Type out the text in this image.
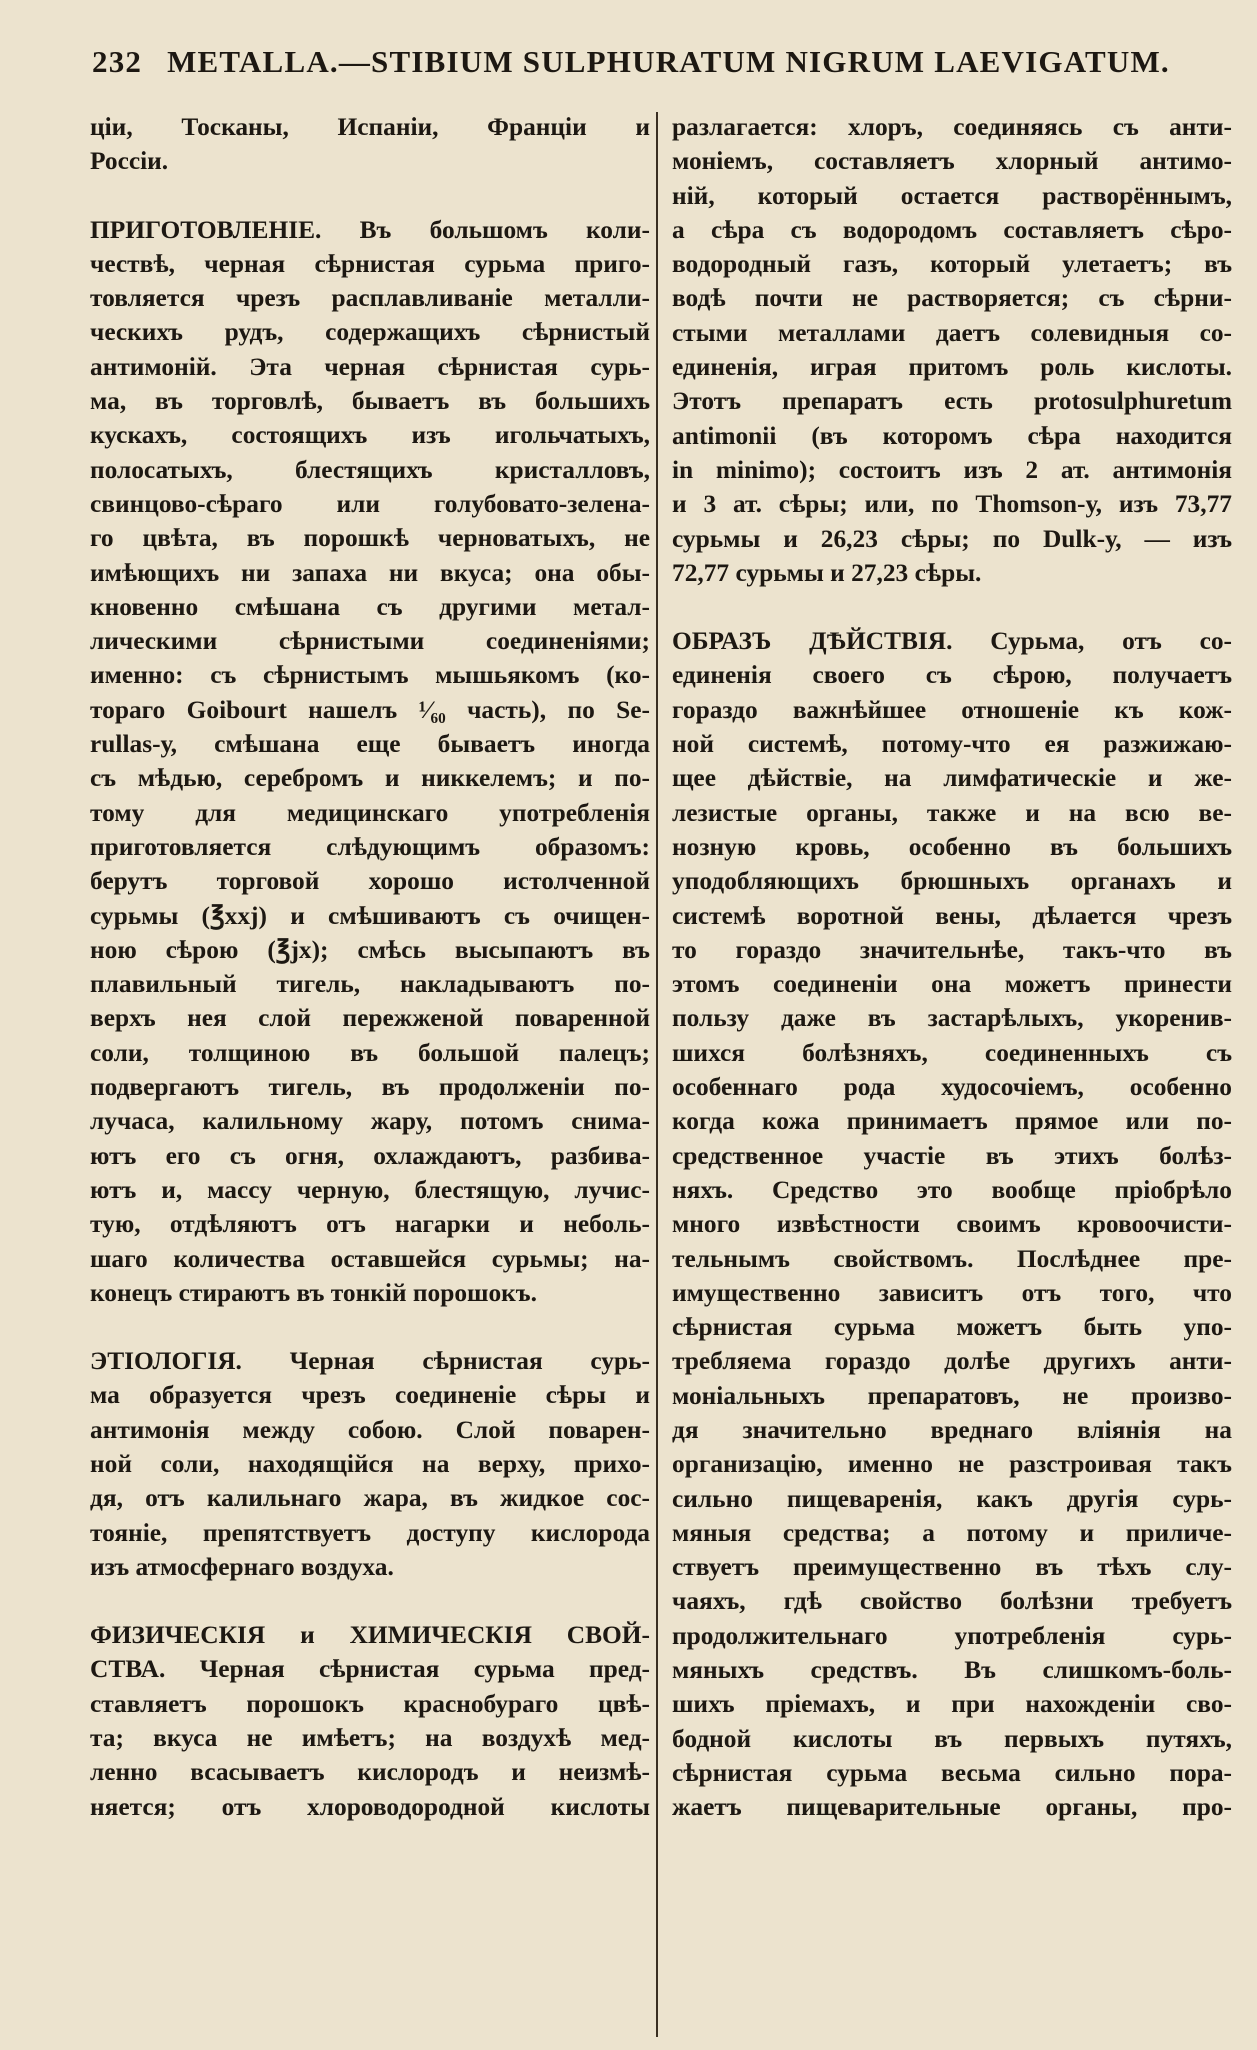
232 METALLA.—STIBIUM SULPHURATUM NIGRUM LAEVIGATUM.
ціи, Тосканы, Испаніи, Франціи и
Россіи.
ПРИГОТОВЛЕНІЕ. Въ большомъ коли-
чествѣ, черная сѣрнистая сурьма приго-
товляется чрезъ расплавливаніе металли-
ческихъ рудъ, содержащихъ сѣрнистый
антимоній. Эта черная сѣрнистая сурь-
ма, въ торговлѣ, бываетъ въ большихъ
кускахъ, состоящихъ изъ игольчатыхъ,
полосатыхъ, блестящихъ кристалловъ,
свинцово-сѣраго или голубовато-зелена-
го цвѣта, въ порошкѣ черноватыхъ, не
имѣющихъ ни запаха ни вкуса; она обы-
кновенно смѣшана съ другими метал-
лическими сѣрнистыми соединеніями;
именно: съ сѣрнистымъ мышьякомъ (ко-
тораго Goibourt нашелъ ¹⁄₆₀ часть), по Se-
rullas-у, смѣшана еще бываетъ иногда
съ мѣдью, серебромъ и никкелемъ; и по-
тому для медицинскаго употребленія
приготовляется слѣдующимъ образомъ:
берутъ торговой хорошо истолченной
сурьмы (℥xxj) и смѣшиваютъ съ очищен-
ною сѣрою (℥jx); смѣсь высыпаютъ въ
плавильный тигель, накладываютъ по-
верхъ нея слой пережженой поваренной
соли, толщиною въ большой палецъ;
подвергаютъ тигель, въ продолженіи по-
лучаса, калильному жару, потомъ снима-
ютъ его съ огня, охлаждаютъ, разбива-
ютъ и, массу черную, блестящую, лучис-
тую, отдѣляютъ отъ нагарки и неболь-
шаго количества оставшейся сурьмы; на-
конецъ стираютъ въ тонкій порошокъ.
ЭТІОЛОГІЯ. Черная сѣрнистая сурь-
ма образуется чрезъ соединеніе сѣры и
антимонія между собою. Слой поварен-
ной соли, находящійся на верху, прихо-
дя, отъ калильнаго жара, въ жидкое сос-
тояніе, препятствуетъ доступу кислорода
изъ атмосфернаго воздуха.
ФИЗИЧЕСКІЯ и ХИМИЧЕСКІЯ СВОЙ-
СТВА. Черная сѣрнистая сурьма пред-
ставляетъ порошокъ краснобураго цвѣ-
та; вкуса не имѣетъ; на воздухѣ мед-
ленно всасываетъ кислородъ и неизмѣ-
няется; отъ хлороводородной кислоты
разлагается: хлоръ, соединяясь съ анти-
моніемъ, составляетъ хлорный антимо-
ній, который остается растворённымъ,
а сѣра съ водородомъ составляетъ сѣро-
водородный газъ, который улетаетъ; въ
водѣ почти не растворяется; съ сѣрни-
стыми металлами даетъ солевидныя со-
единенія, играя притомъ роль кислоты.
Этотъ препаратъ есть protosulphuretum
antimonii (въ которомъ сѣра находится
in minimo); состоитъ изъ 2 ат. антимонія
и 3 ат. сѣры; или, по Thomson-у, изъ 73,77
сурьмы и 26,23 сѣры; по Dulk-у, — изъ
72,77 сурьмы и 27,23 сѣры.
ОБРАЗЪ ДѢЙСТВІЯ. Сурьма, отъ со-
единенія своего съ сѣрою, получаетъ
гораздо важнѣйшее отношеніе къ кож-
ной системѣ, потому-что ея разжижаю-
щее дѣйствіе, на лимфатическіе и же-
лезистые органы, также и на всю ве-
нозную кровь, особенно въ большихъ
уподобляющихъ брюшныхъ органахъ и
системѣ воротной вены, дѣлается чрезъ
то гораздо значительнѣе, такъ-что въ
этомъ соединеніи она можетъ принести
пользу даже въ застарѣлыхъ, укоренив-
шихся болѣзняхъ, соединенныхъ съ
особеннаго рода худосочіемъ, особенно
когда кожа принимаетъ прямое или по-
средственное участіе въ этихъ болѣз-
няхъ. Средство это вообще пріобрѣло
много извѣстности своимъ кровоочисти-
тельнымъ свойствомъ. Послѣднее пре-
имущественно зависитъ отъ того, что
сѣрнистая сурьма можетъ быть упо-
требляема гораздо долѣе другихъ анти-
моніальныхъ препаратовъ, не произво-
дя значительно вреднаго вліянія на
организацію, именно не разстроивая такъ
сильно пищеваренія, какъ другія сурь-
мяныя средства; а потому и приличе-
ствуетъ преимущественно въ тѣхъ слу-
чаяхъ, гдѣ свойство болѣзни требуетъ
продолжительнаго употребленія сурь-
мяныхъ средствъ. Въ слишкомъ-боль-
шихъ пріемахъ, и при нахожденіи сво-
бодной кислоты въ первыхъ путяхъ,
сѣрнистая сурьма весьма сильно пора-
жаетъ пищеварительные органы, про-
